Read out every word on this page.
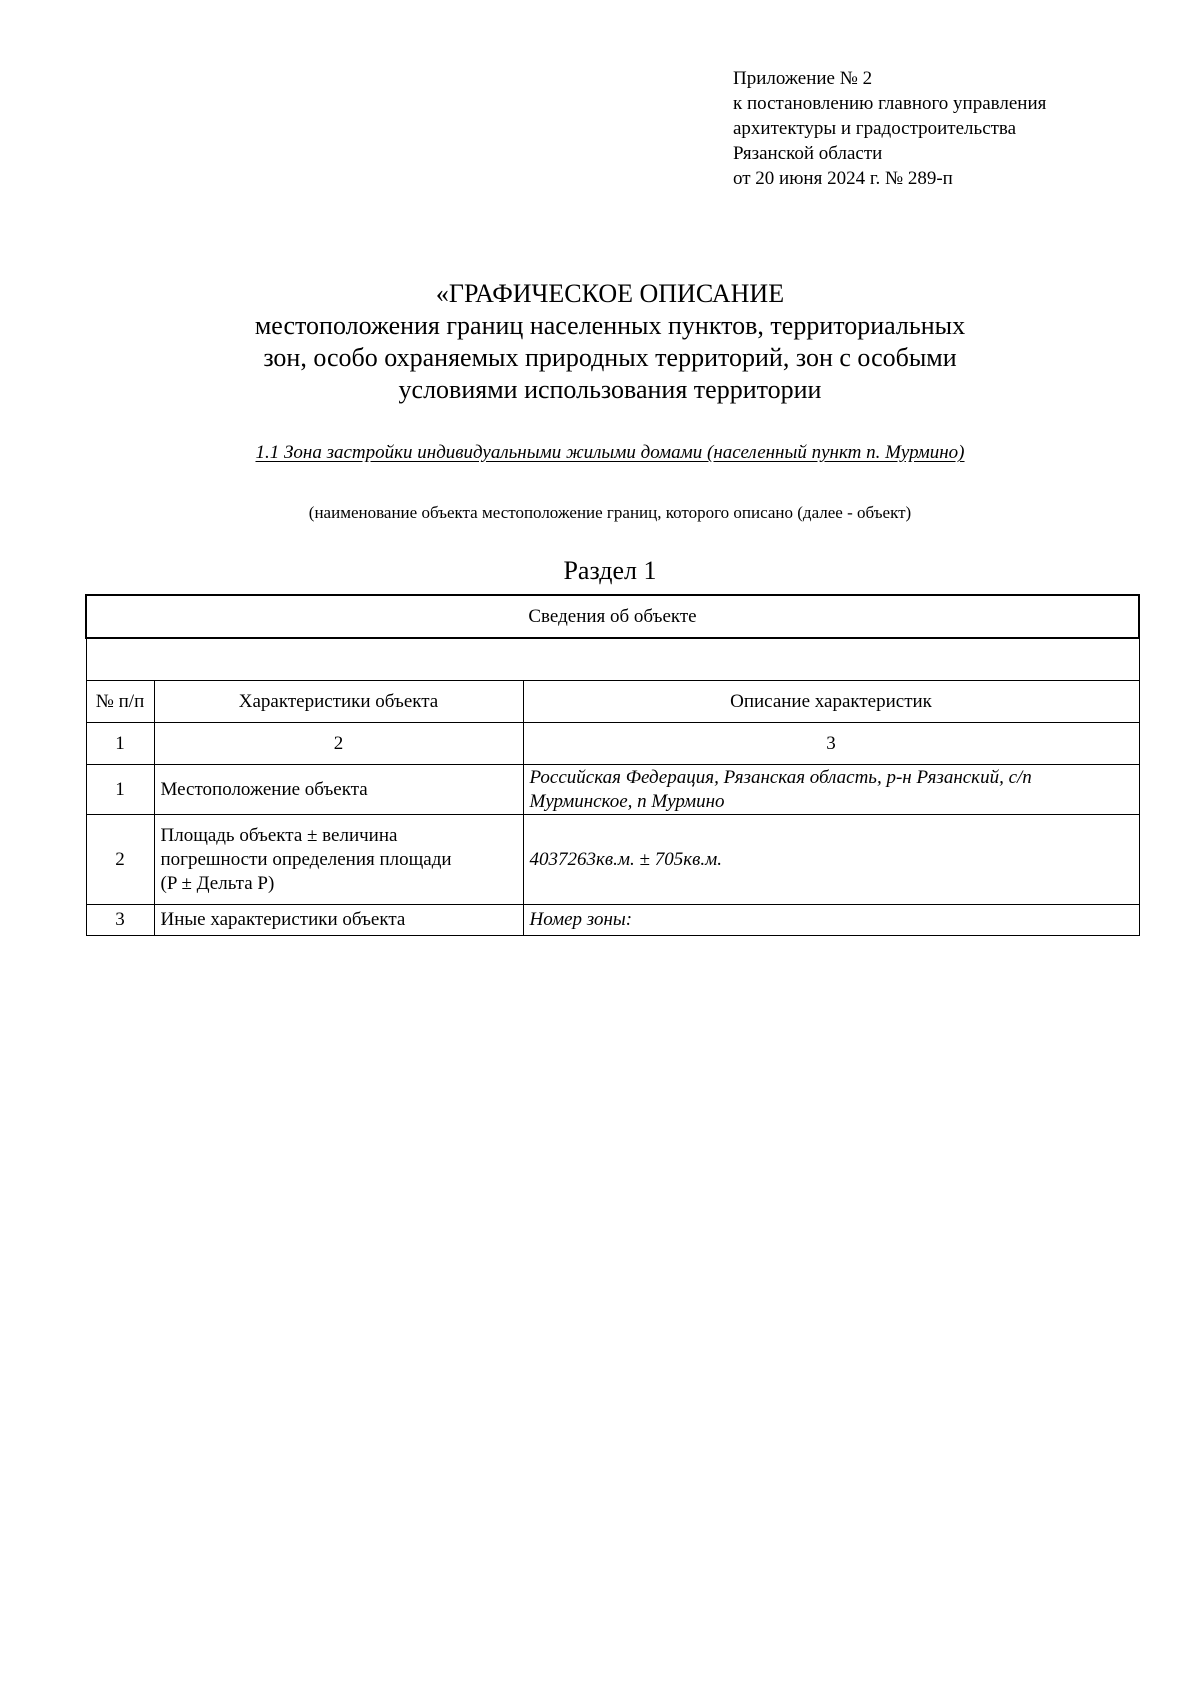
Приложение № 2
к постановлению главного управления
архитектуры и градостроительства
Рязанской области
от 20 июня 2024 г. № 289-п
«ГРАФИЧЕСКОЕ ОПИСАНИЕ
местоположения границ населенных пунктов, территориальных
зон, особо охраняемых природных территорий, зон с особыми
условиями использования территории
1.1 Зона застройки индивидуальными жилыми домами (населенный пункт п. Мурмино)
(наименование объекта местоположение границ, которого описано (далее - объект)
Раздел 1
Сведения об объекте		

№ п/п	Характеристики объекта	Описание характеристик
1	2	3
1	Местоположение объекта	Российская Федерация, Рязанская область, р-н Рязанский, с/п
Мурминское, п Мурмино

2	Площадь объекта ± величина
погрешности определения площади
(P ± Дельта P)	4037263кв.м. ± 705кв.м.
3	Иные характеристики объекта	Номер зоны:
